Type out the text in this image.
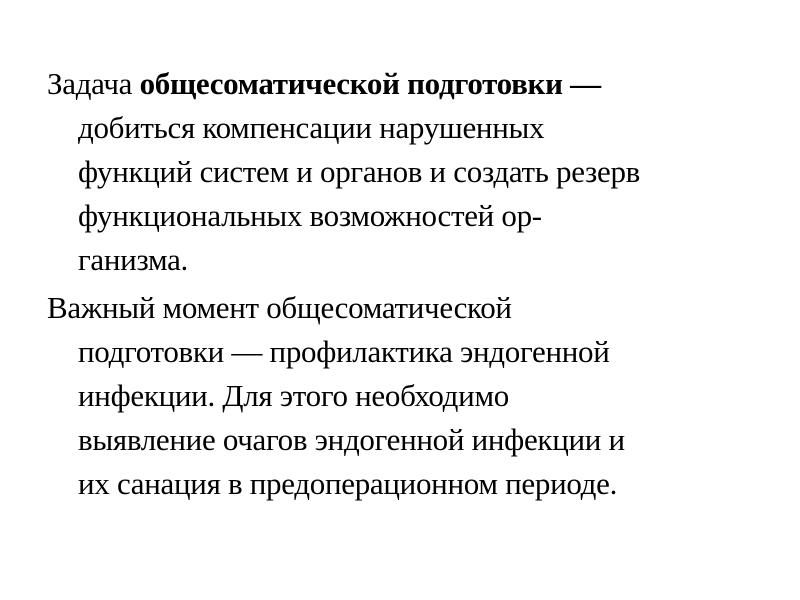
Задача общесоматической подготовки —
добиться компенсации нарушенных
функций систем и органов и создать резерв
функциональных возможностей ор-
ганизма.

Важный момент общесоматической
подготовки — профилактика эндогенной
инфекции. Для этого необходимо
выявление очагов эндогенной инфекции и
их санация в предоперационном периоде.
